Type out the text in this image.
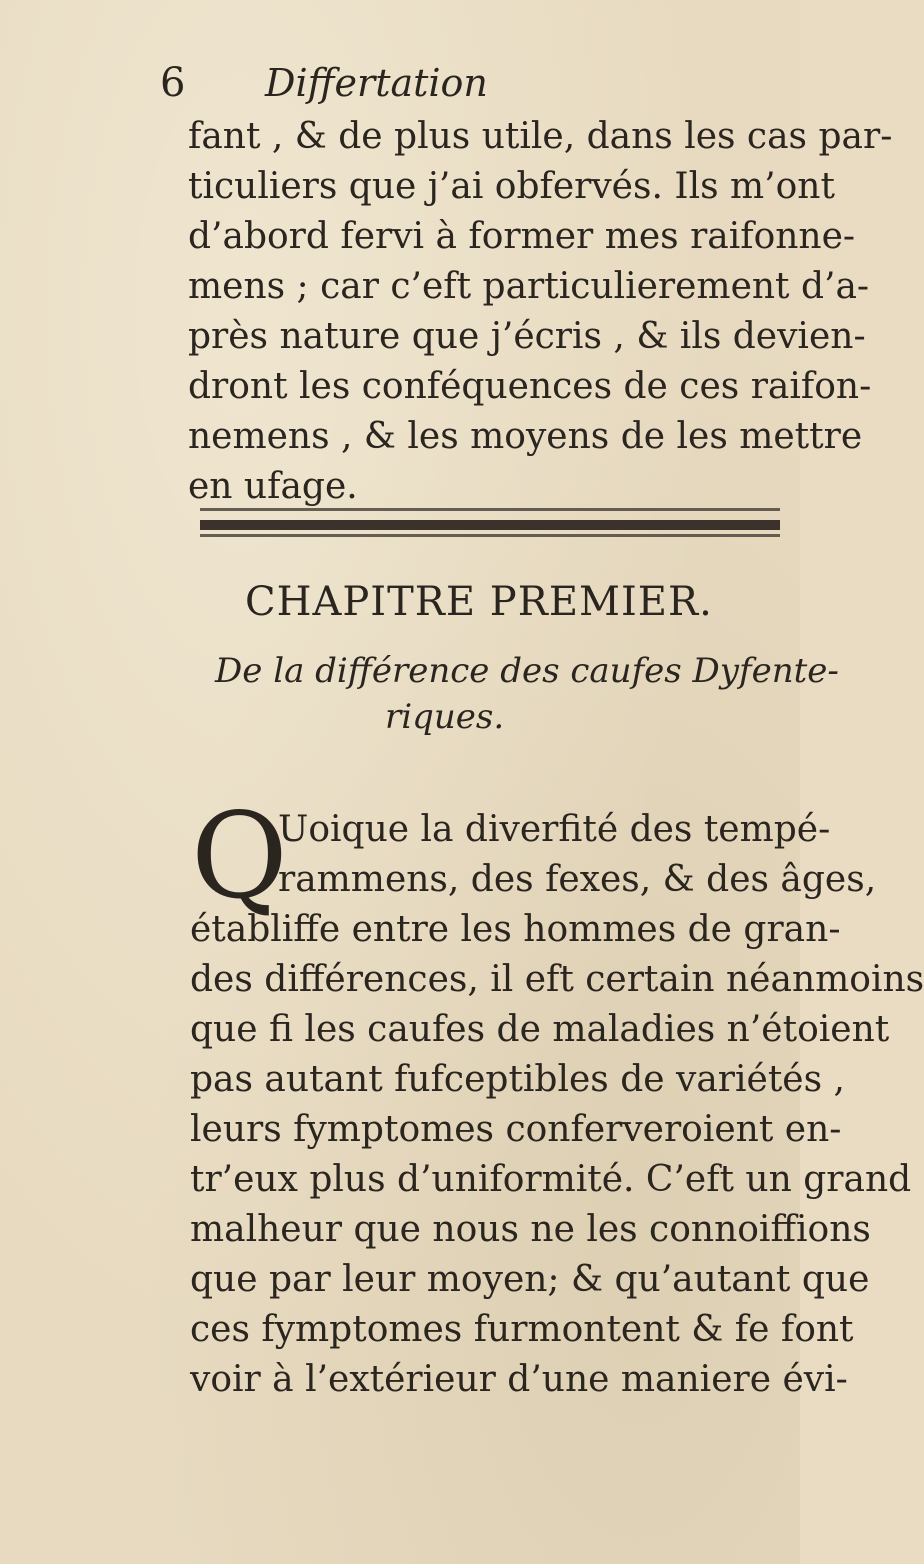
6 Differtation
fant , & de plus utile, dans les cas par-
ticuliers que j’ai obfervés. Ils m’ont
d’abord fervi à former mes raifonne-
mens ; car c’eft particulierement d’a-
près nature que j’écris , & ils devien-
dront les conféquences de ces raifon-
nemens , & les moyens de les mettre
en ufage.
CHAPITRE PREMIER.
De la différence des caufes Dyfente-
riques.
Q
Uoique la diverfité des tempé-
rammens, des fexes, & des âges,
établiffe entre les hommes de gran-
des différences, il eft certain néanmoins
que fi les caufes de maladies n’étoient
pas autant fufceptibles de variétés ,
leurs fymptomes conferveroient en-
tr’eux plus d’uniformité. C’eft un grand
malheur que nous ne les connoiffions
que par leur moyen; & qu’autant que
ces fymptomes furmontent & fe font
voir à l’extérieur d’une maniere évi-
